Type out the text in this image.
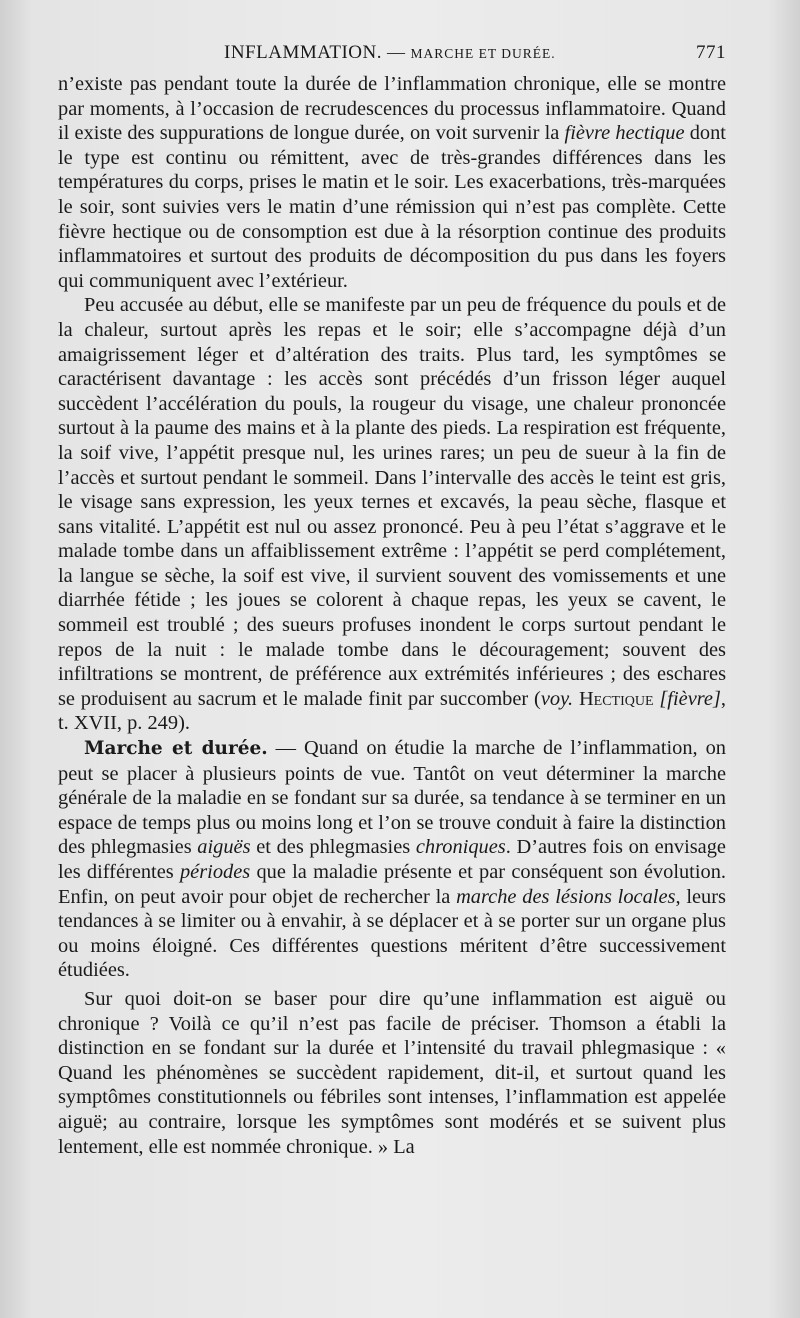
INFLAMMATION. — MARCHE ET DURÉE.	771

n’existe pas pendant toute la durée de l’inflammation chronique, elle se montre par moments, à l’occasion de recrudescences du processus inflammatoire. Quand il existe des suppurations de longue durée, on voit survenir la fièvre hectique dont le type est continu ou rémittent, avec de très-grandes différences dans les températures du corps, prises le matin et le soir. Les exacerbations, très-marquées le soir, sont suivies vers le matin d’une rémission qui n’est pas complète. Cette fièvre hectique ou de consomption est due à la résorption continue des produits inflammatoires et surtout des produits de décomposition du pus dans les foyers qui communiquent avec l’extérieur.

Peu accusée au début, elle se manifeste par un peu de fréquence du pouls et de la chaleur, surtout après les repas et le soir; elle s’accompagne déjà d’un amaigrissement léger et d’altération des traits. Plus tard, les symptômes se caractérisent davantage : les accès sont précédés d’un frisson léger auquel succèdent l’accélération du pouls, la rougeur du visage, une chaleur prononcée surtout à la paume des mains et à la plante des pieds. La respiration est fréquente, la soif vive, l’appétit presque nul, les urines rares; un peu de sueur à la fin de l’accès et surtout pendant le sommeil. Dans l’intervalle des accès le teint est gris, le visage sans expression, les yeux ternes et excavés, la peau sèche, flasque et sans vitalité. L’appétit est nul ou assez prononcé. Peu à peu l’état s’aggrave et le malade tombe dans un affaiblissement extrême : l’appétit se perd complétement, la langue se sèche, la soif est vive, il survient souvent des vomissements et une diarrhée fétide ; les joues se colorent à chaque repas, les yeux se cavent, le sommeil est troublé ; des sueurs profuses inondent le corps surtout pendant le repos de la nuit : le malade tombe dans le découragement; souvent des infiltrations se montrent, de préférence aux extrémités inférieures ; des eschares se produisent au sacrum et le malade finit par succomber (voy. Hectique [fièvre], t. XVII, p. 249).

Marche et durée. — Quand on étudie la marche de l’inflammation, on peut se placer à plusieurs points de vue. Tantôt on veut déterminer la marche générale de la maladie en se fondant sur sa durée, sa tendance à se terminer en un espace de temps plus ou moins long et l’on se trouve conduit à faire la distinction des phlegmasies aiguës et des phlegmasies chroniques. D’autres fois on envisage les différentes périodes que la maladie présente et par conséquent son évolution. Enfin, on peut avoir pour objet de rechercher la marche des lésions locales, leurs tendances à se limiter ou à envahir, à se déplacer et à se porter sur un organe plus ou moins éloigné. Ces différentes questions méritent d’être successivement étudiées.

Sur quoi doit-on se baser pour dire qu’une inflammation est aiguë ou chronique ? Voilà ce qu’il n’est pas facile de préciser. Thomson a établi la distinction en se fondant sur la durée et l’intensité du travail phlegmasique : « Quand les phénomènes se succèdent rapidement, dit-il, et surtout quand les symptômes constitutionnels ou fébriles sont intenses, l’inflammation est appelée aiguë; au contraire, lorsque les symptômes sont modérés et se suivent plus lentement, elle est nommée chronique. » La
